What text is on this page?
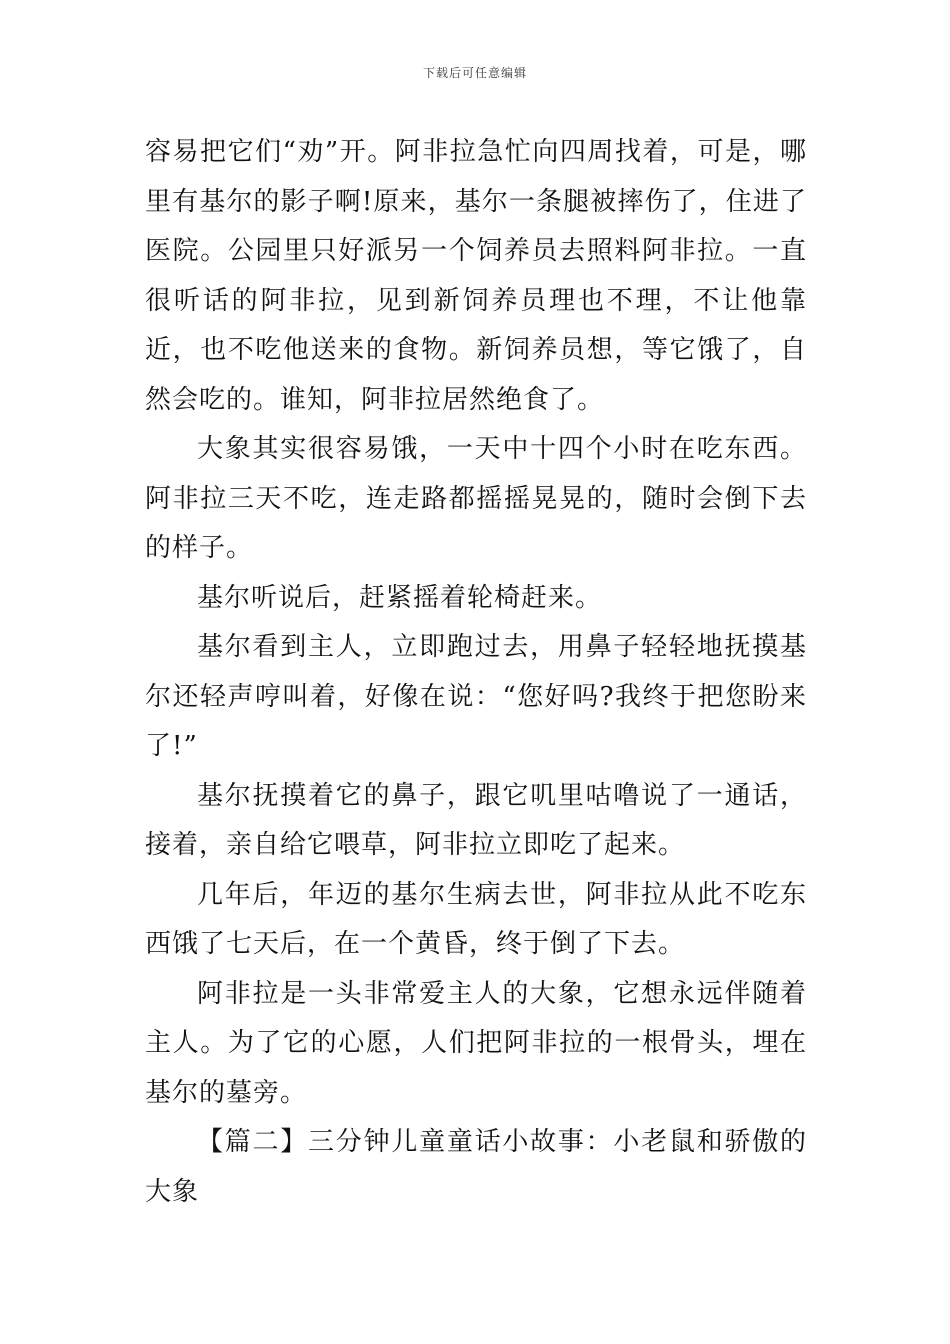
下载后可任意编辑

容易把它们“劝”开。阿非拉急忙向四周找着，可是，哪里有基尔的影子啊!原来，基尔一条腿被摔伤了，住进了医院。公园里只好派另一个饲养员去照料阿非拉。一直很听话的阿非拉，见到新饲养员理也不理，不让他靠近，也不吃他送来的食物。新饲养员想，等它饿了，自然会吃的。谁知，阿非拉居然绝食了。

大象其实很容易饿，一天中十四个小时在吃东西。阿非拉三天不吃，连走路都摇摇晃晃的，随时会倒下去的样子。

基尔听说后，赶紧摇着轮椅赶来。

基尔看到主人，立即跑过去，用鼻子轻轻地抚摸基尔还轻声哼叫着，好像在说：“您好吗?我终于把您盼来了!”

基尔抚摸着它的鼻子，跟它叽里咕噜说了一通话，接着，亲自给它喂草，阿非拉立即吃了起来。

几年后，年迈的基尔生病去世，阿非拉从此不吃东西饿了七天后，在一个黄昏，终于倒了下去。

阿非拉是一头非常爱主人的大象，它想永远伴随着主人。为了它的心愿，人们把阿非拉的一根骨头，埋在基尔的墓旁。

【篇二】三分钟儿童童话小故事：小老鼠和骄傲的大象
